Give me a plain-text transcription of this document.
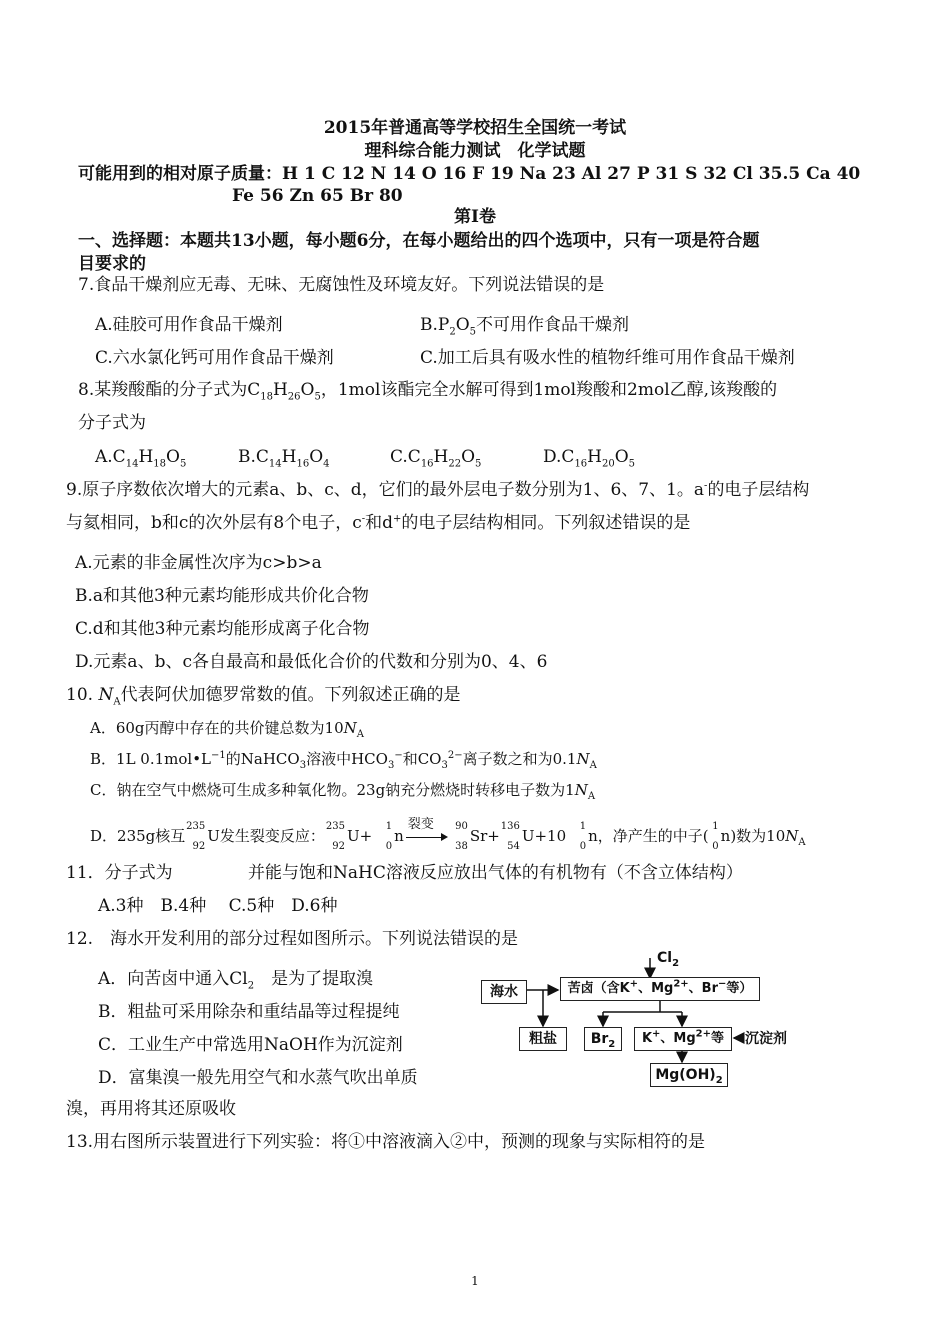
2015年普通高等学校招生全国统一考试
理科综合能力测试　化学试题
可能用到的相对原子质量：H 1 C 12 N 14 O 16 F 19 Na 23 Al 27 P 31 S 32 Cl 35.5 Ca 40
Fe 56 Zn 65 Br 80
第Ⅰ卷
一、选择题：本题共13小题，每小题6分，在每小题给出的四个选项中，只有一项是符合题
目要求的
7.食品干燥剂应无毒、无味、无腐蚀性及环境友好。下列说法错误的是
A.硅胶可用作食品干燥剂	$B.P_2O_5$不可用作食品干燥剂
C.六水氯化钙可用作食品干燥剂	C.加工后具有吸水性的植物纤维可用作食品干燥剂
8.某羧酸酯的分子式为$C_{18}H_{26}O_5$，1mol该酯完全水解可得到1mol羧酸和2mol乙醇,该羧酸的
分子式为
$A.C_{14}H_{18}O_5$	$B.C_{14}H_{16}O_4$	$C.C_{16}H_{22}O_5$	$D.C_{16}H_{20}O_5$
9.原子序数依次增大的元素a、b、c、d，它们的最外层电子数分别为1、6、7、1。a-的电子层结构
与氦相同，b和c的次外层有8个电子，c-和d+的电子层结构相同。下列叙述错误的是
A.元素的非金属性次序为c>b>a
B.a和其他3种元素均能形成共价化合物
C.d和其他3种元素均能形成离子化合物
D.元素a、b、c各自最高和最低化合价的代数和分别为0、4、6
10. $N_A$代表阿伏加德罗常数的值。下列叙述正确的是
A．60g丙醇中存在的共价键总数为$10N_A$
B．1L $0.1mol•L^{-1}$的NaHCO$_3$溶液中$HCO_3^-$和$CO_3^{2-}$离子数之和为$0.1N_A$
C．钠在空气中燃烧可生成多种氧化物。23g钠充分燃烧时转移电子数为$1N_A$
D．235g核互
235
92
U发生裂变反应：
235
92
U+
1
0
n
裂变 90
38
Sr+
136
54
U+10
1
0
n，净产生的中子(
1
0
n)数为$10N_A$
11．分子式为	并能与饱和NaHC溶液反应放出气体的有机物有（不含立体结构）
A.3种　B.4种　 C.5种　D.6种
12.　海水开发利用的部分过程如图所示。下列说法错误的是
A．向苦卤中通入$Cl_2$　是为了提取溴
B．粗盐可采用除杂和重结晶等过程提纯
C．工业生产中常选用NaOH作为沉淀剂
D．富集溴一般先用空气和水蒸气吹出单质
溴，再用将其还原吸收
$Cl_2$
海水	苦卤（含K+、$Mg^{2+}$、Br−等）
粗盐	$Br_2$	K+、$Mg^{2+}$等	沉淀剂
$Mg(OH)_2$
13.用右图所示装置进行下列实验：将①中溶液滴入②中，预测的现象与实际相符的是
1
